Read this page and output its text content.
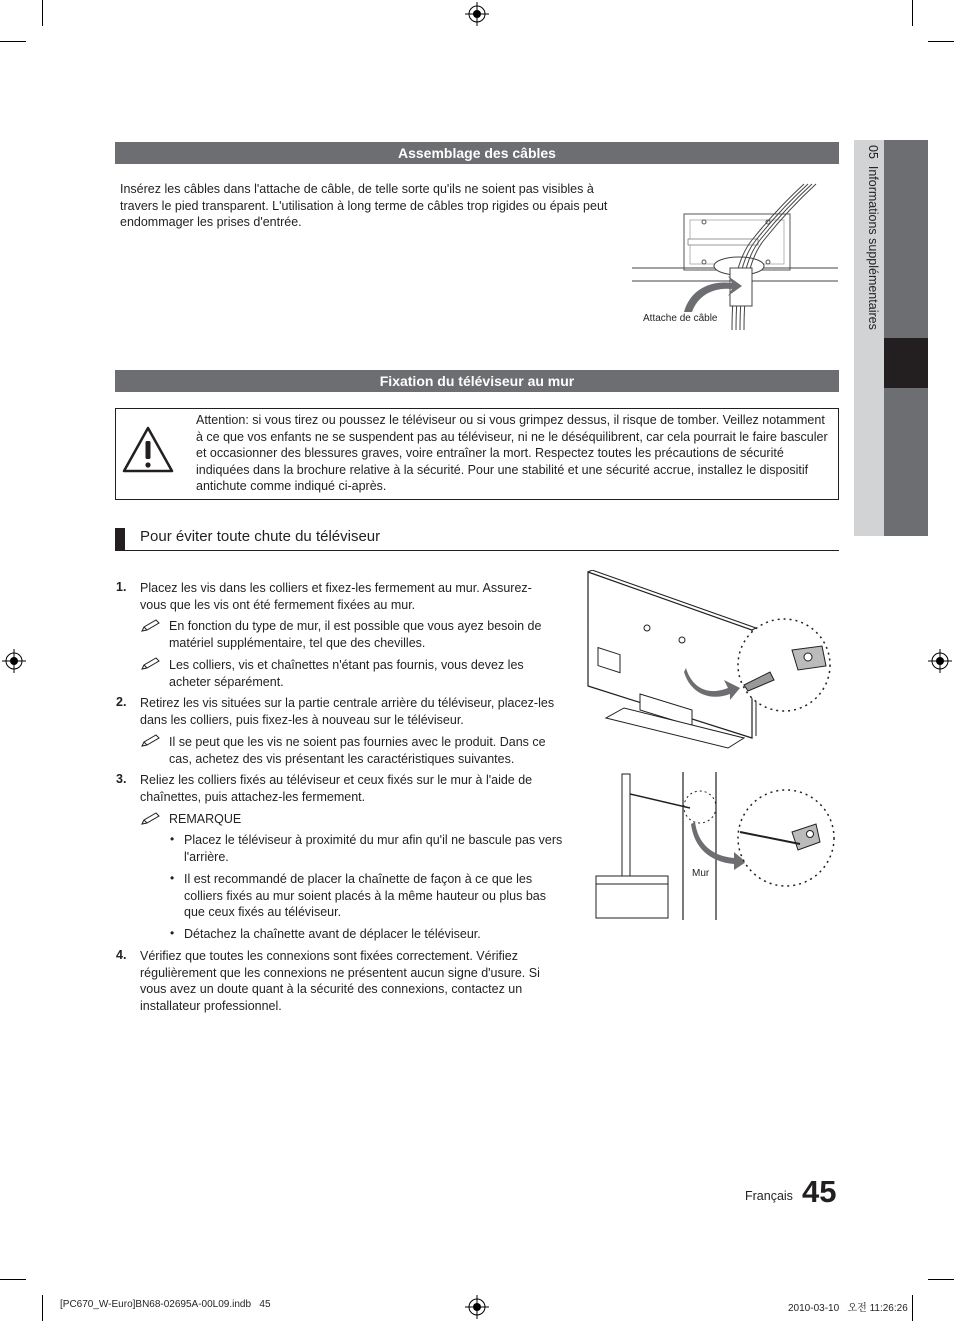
05  Informations supplémentaires
Assemblage des câbles
Insérez les câbles dans l'attache de câble, de telle sorte qu'ils ne soient pas visibles à travers le pied transparent. L'utilisation à long terme de câbles trop rigides ou épais peut endommager les prises d'entrée.
Attache de câble
Fixation du téléviseur au mur
Attention: si vous tirez ou poussez le téléviseur ou si vous grimpez dessus, il risque de tomber. Veillez notamment à ce que vos enfants ne se suspendent pas au téléviseur, ni ne le déséquilibrent, car cela pourrait le faire basculer et occasionner des blessures graves, voire entraîner la mort. Respectez toutes les précautions de sécurité indiquées dans la brochure relative à la sécurité. Pour une stabilité et une sécurité accrue, installez le dispositif antichute comme indiqué ci-après.
Pour éviter toute chute du téléviseur
1. Placez les vis dans les colliers et fixez-les fermement au mur. Assurez-vous que les vis ont été fermement fixées au mur.
En fonction du type de mur, il est possible que vous ayez besoin de matériel supplémentaire, tel que des chevilles.
Les colliers, vis et chaînettes n'étant pas fournis, vous devez les acheter séparément.
2. Retirez les vis situées sur la partie centrale arrière du téléviseur, placez-les dans les colliers, puis fixez-les à nouveau sur le téléviseur.
Il se peut que les vis ne soient pas fournies avec le produit. Dans ce cas, achetez des vis présentant les caractéristiques suivantes.
3. Reliez les colliers fixés au téléviseur et ceux fixés sur le mur à l'aide de chaînettes, puis attachez-les fermement.
REMARQUE
• Placez le téléviseur à proximité du mur afin qu'il ne bascule pas vers l'arrière.
• Il est recommandé de placer la chaînette de façon à ce que les colliers fixés au mur soient placés à la même hauteur ou plus bas que ceux fixés au téléviseur.
• Détachez la chaînette avant de déplacer le téléviseur.
4. Vérifiez que toutes les connexions sont fixées correctement. Vérifiez régulièrement que les connexions ne présentent aucun signe d'usure. Si vous avez un doute quant à la sécurité des connexions, contactez un installateur professionnel.
Mur
Français 45
[PC670_W-Euro]BN68-02695A-00L09.indb   45	2010-03-10   오전 11:26:26
